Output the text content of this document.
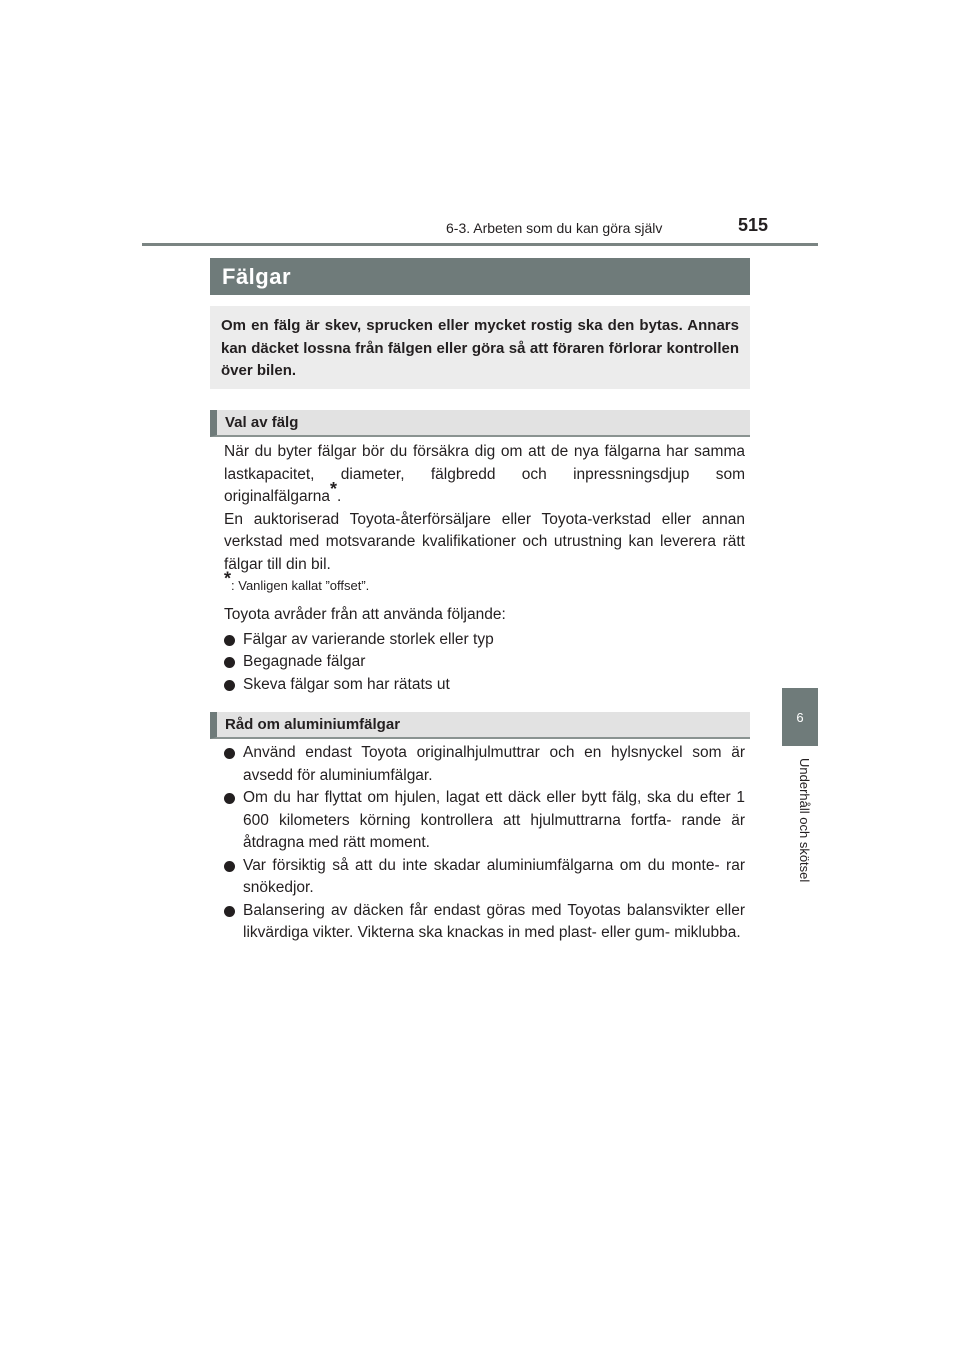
6-3. Arbeten som du kan göra själv	515
6
Underhåll och skötsel
Fälgar
Om en fälg är skev, sprucken eller mycket rostig ska den bytas. Annars kan däcket lossna från fälgen eller göra så att föraren förlorar kontrollen över bilen.
Val av fälg

När du byter fälgar bör du försäkra dig om att de nya fälgarna har samma lastkapacitet, diameter, fälgbredd och inpressningsdjup som originalfälgarna*.

En auktoriserad Toyota-återförsäljare eller Toyota-verkstad eller annan verkstad med motsvarande kvalifikationer och utrustning kan leverera rätt fälgar till din bil.

*: Vanligen kallat ”offset”.

Toyota avråder från att använda följande:

Fälgar av varierande storlek eller typ
Begagnade fälgar
Skeva fälgar som har rätats ut
Råd om aluminiumfälgar
Använd endast Toyota originalhjulmuttrar och en hylsnyckel som är avsedd för aluminiumfälgar.
Om du har flyttat om hjulen, lagat ett däck eller bytt fälg, ska du efter 1 600 kilometers körning kontrollera att hjulmuttrarna fortfa- rande är åtdragna med rätt moment.
Var försiktig så att du inte skadar aluminiumfälgarna om du monte- rar snökedjor.
Balansering av däcken får endast göras med Toyotas balansvikter eller likvärdiga vikter. Vikterna ska knackas in med plast- eller gum- miklubba.
